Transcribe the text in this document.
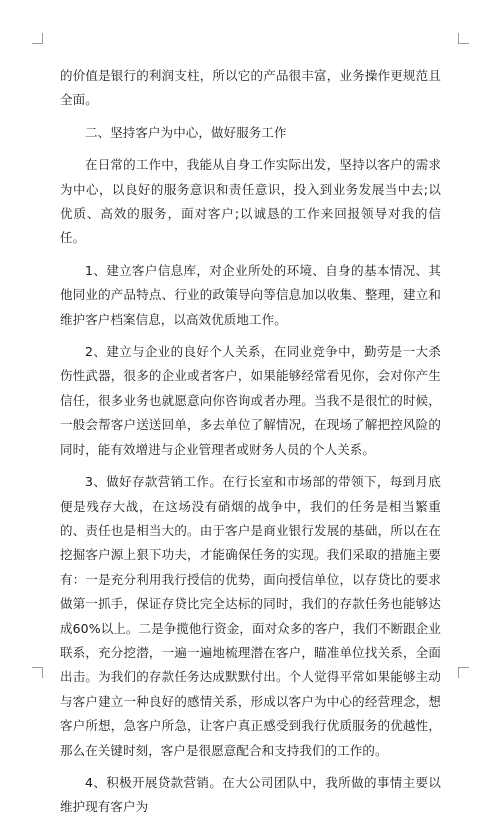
的价值是银行的利润支柱，所以它的产品很丰富，业务操作更规范且全面。

二、坚持客户为中心，做好服务工作

在日常的工作中，我能从自身工作实际出发，坚持以客户的需求为中心，以良好的服务意识和责任意识，投入到业务发展当中去;以优质、高效的服务，面对客户;以诚恳的工作来回报领导对我的信任。

1、建立客户信息库，对企业所处的环境、自身的基本情况、其他同业的产品特点、行业的政策导向等信息加以收集、整理，建立和维护客户档案信息，以高效优质地工作。

2、建立与企业的良好个人关系，在同业竞争中，勤劳是一大杀伤性武器，很多的企业或者客户，如果能够经常看见你，会对你产生信任，很多业务也就愿意向你咨询或者办理。当我不是很忙的时候，一般会帮客户送送回单，多去单位了解情况，在现场了解把控风险的同时，能有效增进与企业管理者或财务人员的个人关系。

3、做好存款营销工作。在行长室和市场部的带领下，每到月底便是残存大战，在这场没有硝烟的战争中，我们的任务是相当繁重的、责任也是相当大的。由于客户是商业银行发展的基础，所以在在挖掘客户源上狠下功夫，才能确保任务的实现。我们采取的措施主要有：一是充分利用我行授信的优势，面向授信单位，以存贷比的要求做第一抓手，保证存贷比完全达标的同时，我们的存款任务也能够达成60%以上。二是争揽他行资金，面对众多的客户，我们不断跟企业联系，充分挖潜，一遍一遍地梳理潜在客户，瞄准单位找关系，全面出击。为我们的存款任务达成默默付出。个人觉得平常如果能够主动与客户建立一种良好的感情关系，形成以客户为中心的经营理念，想客户所想，急客户所急，让客户真正感受到我行优质服务的优越性，那么在关键时刻，客户是很愿意配合和支持我们的工作的。

4、积极开展贷款营销。在大公司团队中，我所做的事情主要以维护现有客户为
